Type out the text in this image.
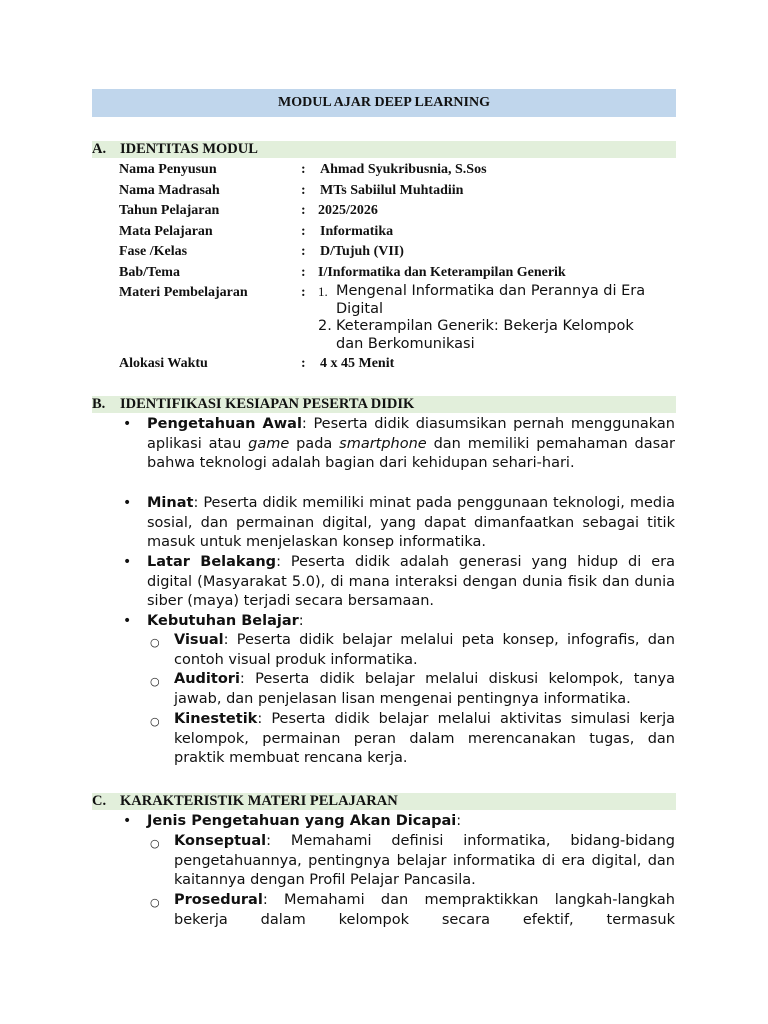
MODUL AJAR DEEP LEARNING
A. IDENTITAS MODUL
Nama Penyusun	: Ahmad Syukribusnia, S.Sos
Nama Madrasah	: MTs Sabiilul Muhtadiin
Tahun Pelajaran	: 2025/2026
Mata Pelajaran	: Informatika
Fase /Kelas	: D/Tujuh (VII)
Bab/Tema	: I/Informatika dan Keterampilan Generik
Materi Pembelajaran	: 1. Mengenal Informatika dan Perannya di Era Digital
2. Keterampilan Generik: Bekerja Kelompok dan Berkomunikasi
Alokasi Waktu	: 4 x 45 Menit
B. IDENTIFIKASI KESIAPAN PESERTA DIDIK
• Pengetahuan Awal: Peserta didik diasumsikan pernah menggunakan aplikasi atau game pada smartphone dan memiliki pemahaman dasar bahwa teknologi adalah bagian dari kehidupan sehari-hari.
• Minat: Peserta didik memiliki minat pada penggunaan teknologi, media sosial, dan permainan digital, yang dapat dimanfaatkan sebagai titik masuk untuk menjelaskan konsep informatika.
• Latar Belakang: Peserta didik adalah generasi yang hidup di era digital (Masyarakat 5.0), di mana interaksi dengan dunia fisik dan dunia siber (maya) terjadi secara bersamaan.
• Kebutuhan Belajar:
○ Visual: Peserta didik belajar melalui peta konsep, infografis, dan contoh visual produk informatika.
○ Auditori: Peserta didik belajar melalui diskusi kelompok, tanya jawab, dan penjelasan lisan mengenai pentingnya informatika.
○ Kinestetik: Peserta didik belajar melalui aktivitas simulasi kerja kelompok, permainan peran dalam merencanakan tugas, dan praktik membuat rencana kerja.
C. KARAKTERISTIK MATERI PELAJARAN
• Jenis Pengetahuan yang Akan Dicapai:
○ Konseptual: Memahami definisi informatika, bidang-bidang pengetahuannya, pentingnya belajar informatika di era digital, dan kaitannya dengan Profil Pelajar Pancasila.
○ Prosedural: Memahami dan mempraktikkan langkah-langkah bekerja dalam kelompok secara efektif, termasuk
